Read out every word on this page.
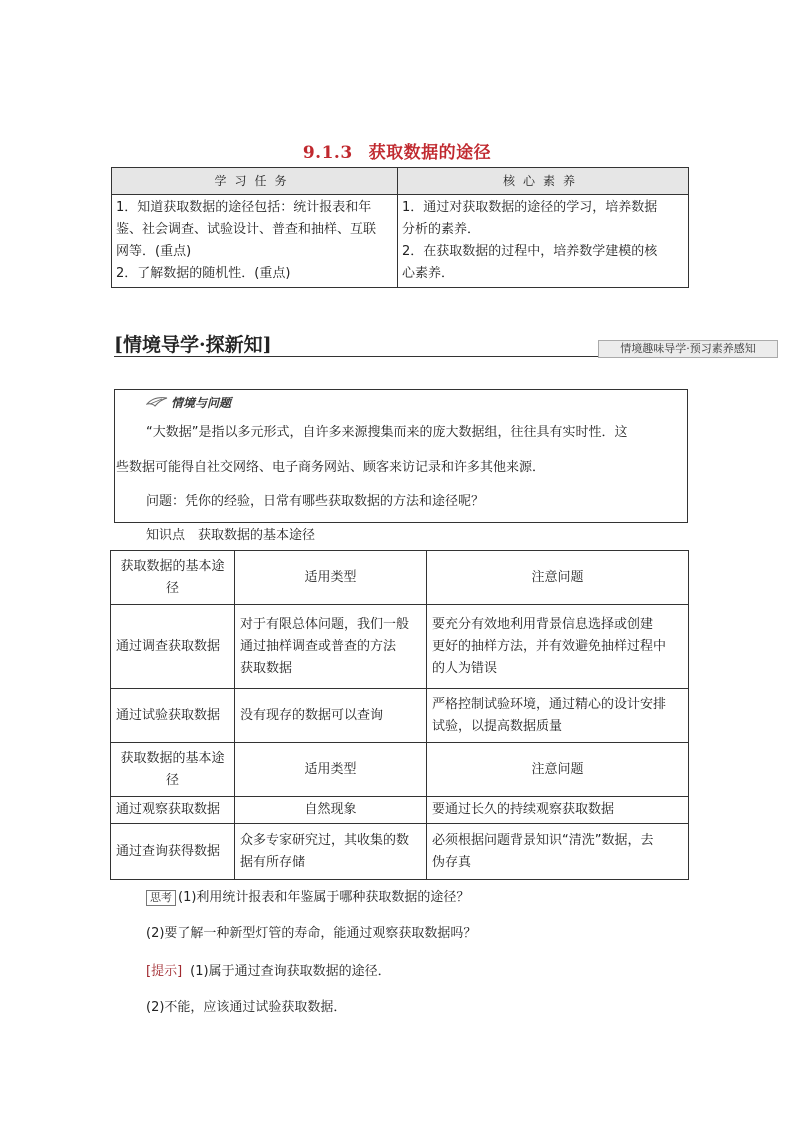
9.1.3 获取数据的途径
学习任务	核心素养

1．知道获取数据的途径包括：统计报表和年
鉴、社会调查、试验设计、普查和抽样、互联
网等．(重点)
2．了解数据的随机性．(重点)	1．通过对获取数据的途径的学习，培养数据
分析的素养．
2．在获取数据的过程中，培养数学建模的核
心素养．
[情境导学·探新知]	情境趣味导学·预习素养感知
情境与问题
“大数据”是指以多元形式，自许多来源搜集而来的庞大数据组，往往具有实时性．这
些数据可能得自社交网络、电子商务网站、顾客来访记录和许多其他来源．
问题：凭你的经验，日常有哪些获取数据的方法和途径呢？
知识点　获取数据的基本途径
获取数据的基本途
径	适用类型	注意问题
通过调查获取数据	对于有限总体问题，我们一般
通过抽样调查或普查的方法
获取数据	要充分有效地利用背景信息选择或创建
更好的抽样方法，并有效避免抽样过程中
的人为错误

通过试验获取数据	没有现存的数据可以查询	严格控制试验环境，通过精心的设计安排
试验，以提高数据质量

获取数据的基本途
径	适用类型	注意问题
通过观察获取数据	自然现象	要通过长久的持续观察获取数据
通过查询获得数据	众多专家研究过，其收集的数
据有所存储	必须根据问题背景知识“清洗”数据，去
伪存真
思考 (1)利用统计报表和年鉴属于哪种获取数据的途径？
(2)要了解一种新型灯管的寿命，能通过观察获取数据吗？
[提示] (1)属于通过查询获取数据的途径．
(2)不能，应该通过试验获取数据．
